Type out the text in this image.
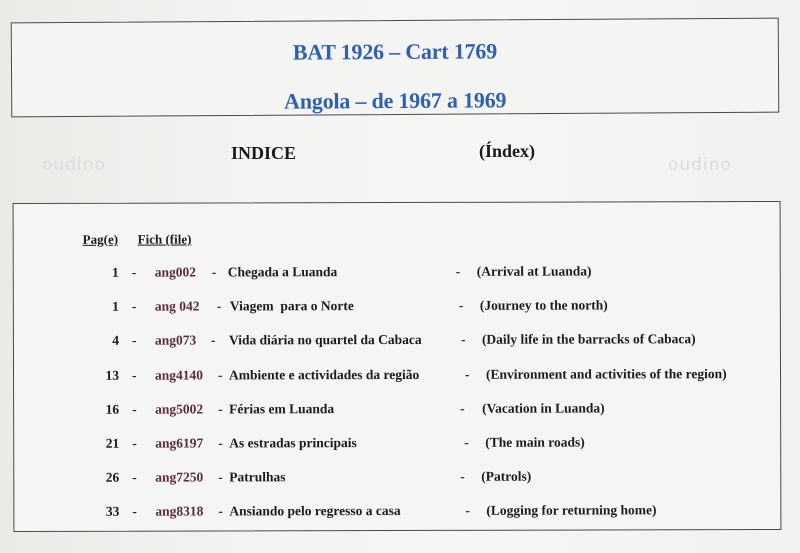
BAT 1926 – Cart 1769
Angola – de 1967 a 1969
oudino	oudino
INDICE	(Índex)
Pag(e) Fich (file)
1 - ang002 - Chegada a Luanda	- (Arrival at Luanda)
1 - ang 042 - Viagem  para o Norte	- (Journey to the north)
4 - ang073 - Vida diária no quartel da Cabaca	- (Daily life in the barracks of Cabaca)
13 - ang4140 - Ambiente e actividades da região	- (Environment and activities of the region)
16 - ang5002 - Férias em Luanda	- (Vacation in Luanda)
21 - ang6197 - As estradas principais	- (The main roads)
26 - ang7250 - Patrulhas	- (Patrols)
33 - ang8318 - Ansiando pelo regresso a casa	- (Logging for returning home)
